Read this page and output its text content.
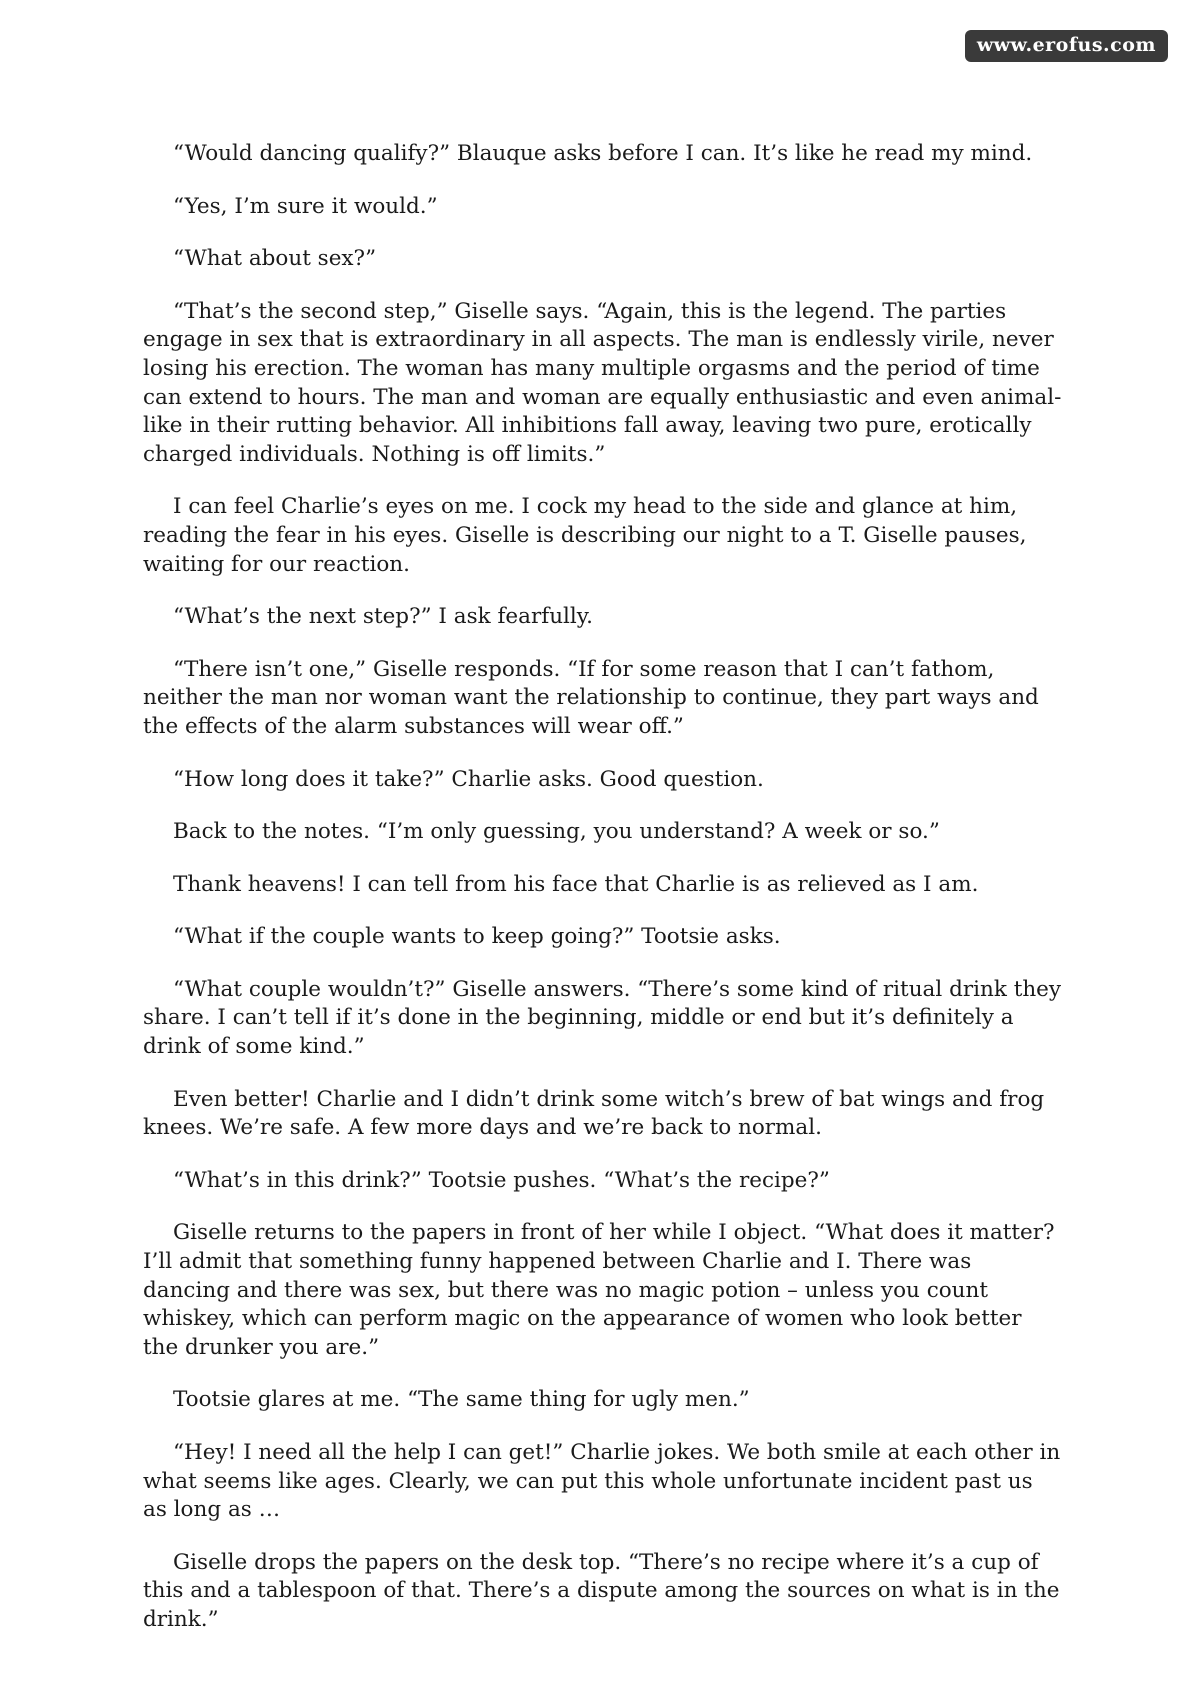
www.erofus.com

“Would dancing qualify?” Blauque asks before I can. It’s like he read my mind.

“Yes, I’m sure it would.”

“What about sex?”

“That’s the second step,” Giselle says. “Again, this is the legend. The parties engage in sex that is extraordinary in all aspects. The man is endlessly virile, never losing his erection. The woman has many multiple orgasms and the period of time can extend to hours. The man and woman are equally enthusiastic and even animal-like in their rutting behavior. All inhibitions fall away, leaving two pure, erotically charged individuals. Nothing is off limits.”

I can feel Charlie’s eyes on me. I cock my head to the side and glance at him, reading the fear in his eyes. Giselle is describing our night to a T. Giselle pauses, waiting for our reaction.

“What’s the next step?” I ask fearfully.

“There isn’t one,” Giselle responds. “If for some reason that I can’t fathom, neither the man nor woman want the relationship to continue, they part ways and the effects of the alarm substances will wear off.”

“How long does it take?” Charlie asks. Good question.

Back to the notes. “I’m only guessing, you understand? A week or so.”

Thank heavens! I can tell from his face that Charlie is as relieved as I am.

“What if the couple wants to keep going?” Tootsie asks.

“What couple wouldn’t?” Giselle answers. “There’s some kind of ritual drink they share. I can’t tell if it’s done in the beginning, middle or end but it’s definitely a drink of some kind.”

Even better! Charlie and I didn’t drink some witch’s brew of bat wings and frog knees. We’re safe. A few more days and we’re back to normal.

“What’s in this drink?” Tootsie pushes. “What’s the recipe?”

Giselle returns to the papers in front of her while I object. “What does it matter? I’ll admit that something funny happened between Charlie and I. There was dancing and there was sex, but there was no magic potion – unless you count whiskey, which can perform magic on the appearance of women who look better the drunker you are.”

Tootsie glares at me. “The same thing for ugly men.”

“Hey! I need all the help I can get!” Charlie jokes. We both smile at each other in what seems like ages. Clearly, we can put this whole unfortunate incident past us as long as …

Giselle drops the papers on the desk top. “There’s no recipe where it’s a cup of this and a tablespoon of that. There’s a dispute among the sources on what is in the drink.”
